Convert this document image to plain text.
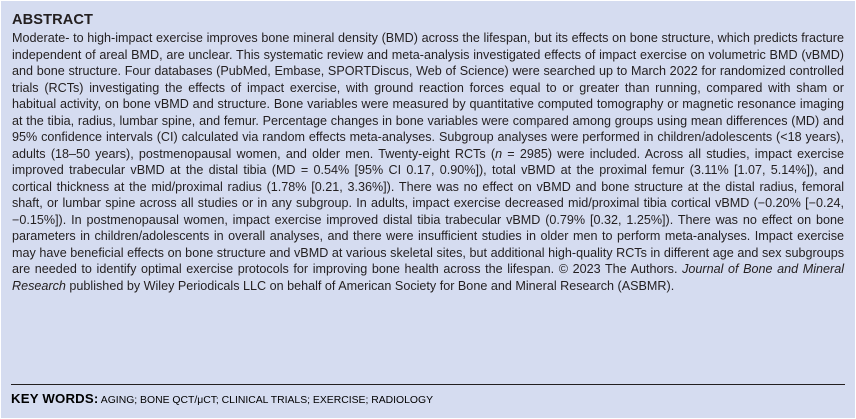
ABSTRACT

Moderate- to high-impact exercise improves bone mineral density (BMD) across the lifespan, but its effects on bone structure, which predicts fracture independent of areal BMD, are unclear. This systematic review and meta-analysis investigated effects of impact exercise on volumetric BMD (vBMD) and bone structure. Four databases (PubMed, Embase, SPORTDiscus, Web of Science) were searched up to March 2022 for randomized controlled trials (RCTs) investigating the effects of impact exercise, with ground reaction forces equal to or greater than running, compared with sham or habitual activity, on bone vBMD and structure. Bone variables were measured by quantitative computed tomography or magnetic resonance imaging at the tibia, radius, lumbar spine, and femur. Percentage changes in bone variables were compared among groups using mean differences (MD) and 95% confidence intervals (CI) calculated via random effects meta-analyses. Subgroup analyses were performed in children/adolescents (<18 years), adults (18–50 years), postmenopausal women, and older men. Twenty-eight RCTs (n = 2985) were included. Across all studies, impact exercise improved trabecular vBMD at the distal tibia (MD = 0.54% [95% CI 0.17, 0.90%]), total vBMD at the proximal femur (3.11% [1.07, 5.14%]), and cortical thickness at the mid/proximal radius (1.78% [0.21, 3.36%]). There was no effect on vBMD and bone structure at the distal radius, femoral shaft, or lumbar spine across all studies or in any subgroup. In adults, impact exercise decreased mid/proximal tibia cortical vBMD (−0.20% [−0.24, −0.15%]). In postmenopausal women, impact exercise improved distal tibia trabecular vBMD (0.79% [0.32, 1.25%]). There was no effect on bone parameters in children/adolescents in overall analyses, and there were insufficient studies in older men to perform meta-analyses. Impact exercise may have beneficial effects on bone structure and vBMD at various skeletal sites, but additional high-quality RCTs in different age and sex subgroups are needed to identify optimal exercise protocols for improving bone health across the lifespan. © 2023 The Authors. Journal of Bone and Mineral Research published by Wiley Periodicals LLC on behalf of American Society for Bone and Mineral Research (ASBMR).

KEY WORDS: AGING; BONE QCT/μCT; CLINICAL TRIALS; EXERCISE; RADIOLOGY
